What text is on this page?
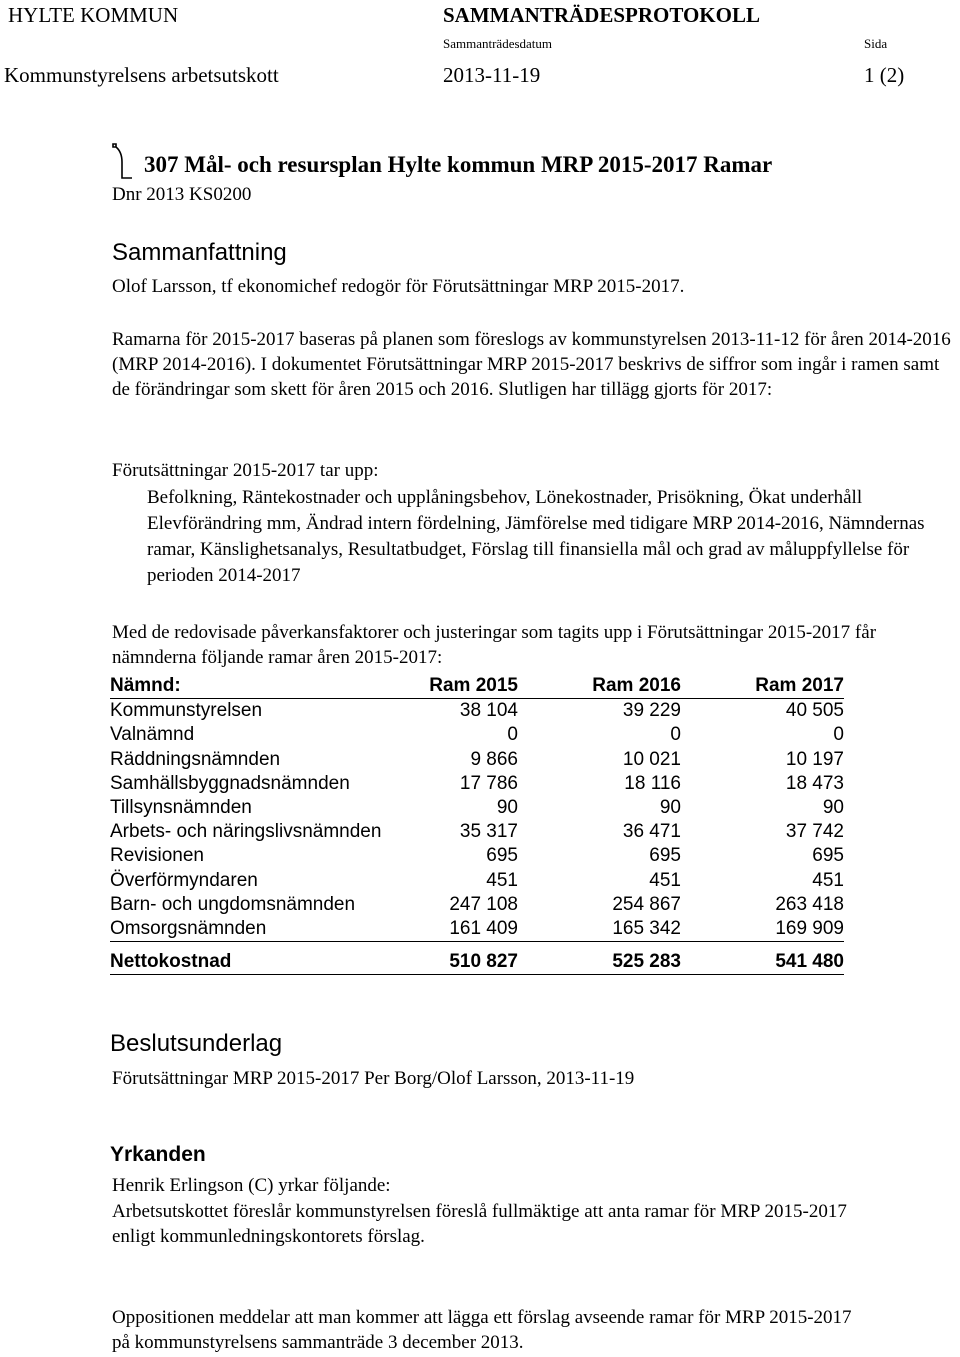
HYLTE KOMMUN	SAMMANTRÄDESPROTOKOLL
Sammanträdesdatum	Sida
Kommunstyrelsens arbetsutskott	2013-11-19	1 (2)
307 Mål- och resursplan Hylte kommun MRP 2015-2017 Ramar
Dnr 2013 KS0200
Sammanfattning
Olof Larsson, tf ekonomichef redogör för Förutsättningar MRP 2015-2017.
Ramarna för 2015-2017 baseras på planen som föreslogs av kommunstyrelsen 2013-11-12 för åren 2014-2016 (MRP 2014-2016). I dokumentet Förutsättningar MRP 2015-2017 beskrivs de siffror som ingår i ramen samt de förändringar som skett för åren 2015 och 2016. Slutligen har tillägg gjorts för 2017:
Förutsättningar 2015-2017 tar upp:
Befolkning, Räntekostnader och upplåningsbehov, Lönekostnader, Prisökning, Ökat underhåll Elevförändring mm, Ändrad intern fördelning, Jämförelse med tidigare MRP 2014-2016, Nämndernas ramar, Känslighetsanalys, Resultatbudget, Förslag till finansiella mål och grad av måluppfyllelse för perioden 2014-2017
Med de redovisade påverkansfaktorer och justeringar som tagits upp i Förutsättningar 2015-2017 får nämnderna följande ramar åren 2015-2017:
Nämnd:	Ram 2015	Ram 2016	Ram 2017
Kommunstyrelsen	38 104	39 229	40 505
Valnämnd	0	0	0
Räddningsnämnden	9 866	10 021	10 197
Samhällsbyggnadsnämnden	17 786	18 116	18 473
Tillsynsnämnden	90	90	90
Arbets- och näringslivsnämnden	35 317	36 471	37 742
Revisionen	695	695	695
Överförmyndaren	451	451	451
Barn- och ungdomsnämnden	247 108	254 867	263 418
Omsorgsnämnden	161 409	165 342	169 909

Nettokostnad	510 827	525 283	541 480
Beslutsunderlag
Förutsättningar MRP 2015-2017 Per Borg/Olof Larsson, 2013-11-19
Yrkanden
Henrik Erlingson (C) yrkar följande:
Arbetsutskottet föreslår kommunstyrelsen föreslå fullmäktige att anta ramar för MRP 2015-2017 enligt kommunledningskontorets förslag.
Oppositionen meddelar att man kommer att lägga ett förslag avseende ramar för MRP 2015-2017 på kommunstyrelsens sammanträde 3 december 2013.
